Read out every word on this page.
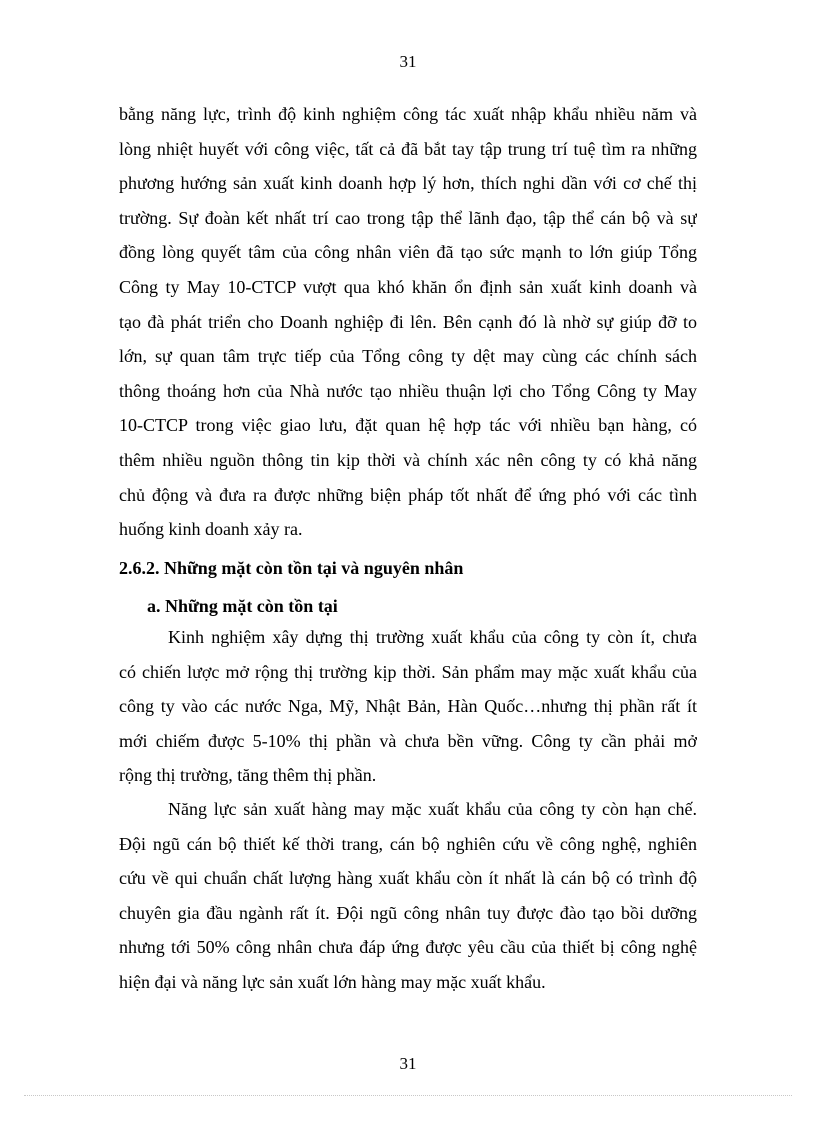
31
bằng năng lực, trình độ kinh nghiệm công tác xuất nhập khẩu nhiều năm và
lòng nhiệt huyết với công việc, tất cả đã bắt tay tập trung trí tuệ tìm ra những
phương hướng sản xuất kinh doanh hợp lý hơn, thích nghi dần với cơ chế thị
trường. Sự đoàn kết nhất trí cao trong tập thể lãnh đạo, tập thể cán bộ và sự
đồng lòng quyết tâm của công nhân viên đã tạo sức mạnh to lớn giúp Tổng
Công ty May 10-CTCP vượt qua khó khăn ổn định sản xuất kinh doanh và
tạo đà phát triển cho Doanh nghiệp đi lên. Bên cạnh đó là nhờ sự giúp đỡ to
lớn, sự quan tâm trực tiếp của Tổng công ty dệt may cùng các chính sách
thông thoáng hơn của Nhà nước tạo nhiều thuận lợi cho Tổng Công ty May
10-CTCP trong việc giao lưu, đặt quan hệ hợp tác với nhiều bạn hàng, có
thêm nhiều nguồn thông tin kịp thời và chính xác nên công ty có khả năng
chủ động và đưa ra được những biện pháp tốt nhất để ứng phó với các tình
huống kinh doanh xảy ra.
2.6.2. Những mặt còn tồn tại và nguyên nhân
a. Những mặt còn tồn tại
Kinh nghiệm xây dựng thị trường xuất khẩu của công ty còn ít, chưa
có chiến lược mở rộng thị trường kịp thời. Sản phẩm may mặc xuất khẩu của
công ty vào các nước Nga, Mỹ, Nhật Bản, Hàn Quốc…nhưng thị phần rất ít
mới chiếm được 5-10% thị phần và chưa bền vững. Công ty cần phải mở
rộng thị trường, tăng thêm thị phần.
Năng lực sản xuất hàng may mặc xuất khẩu của công ty còn hạn chế.
Đội ngũ cán bộ thiết kế thời trang, cán bộ nghiên cứu về công nghệ, nghiên
cứu về qui chuẩn chất lượng hàng xuất khẩu còn ít nhất là cán bộ có trình độ
chuyên gia đầu ngành rất ít. Đội ngũ công nhân tuy được đào tạo bồi dưỡng
nhưng tới 50% công nhân chưa đáp ứng được yêu cầu của thiết bị công nghệ
hiện đại và năng lực sản xuất lớn hàng may mặc xuất khẩu.
31
